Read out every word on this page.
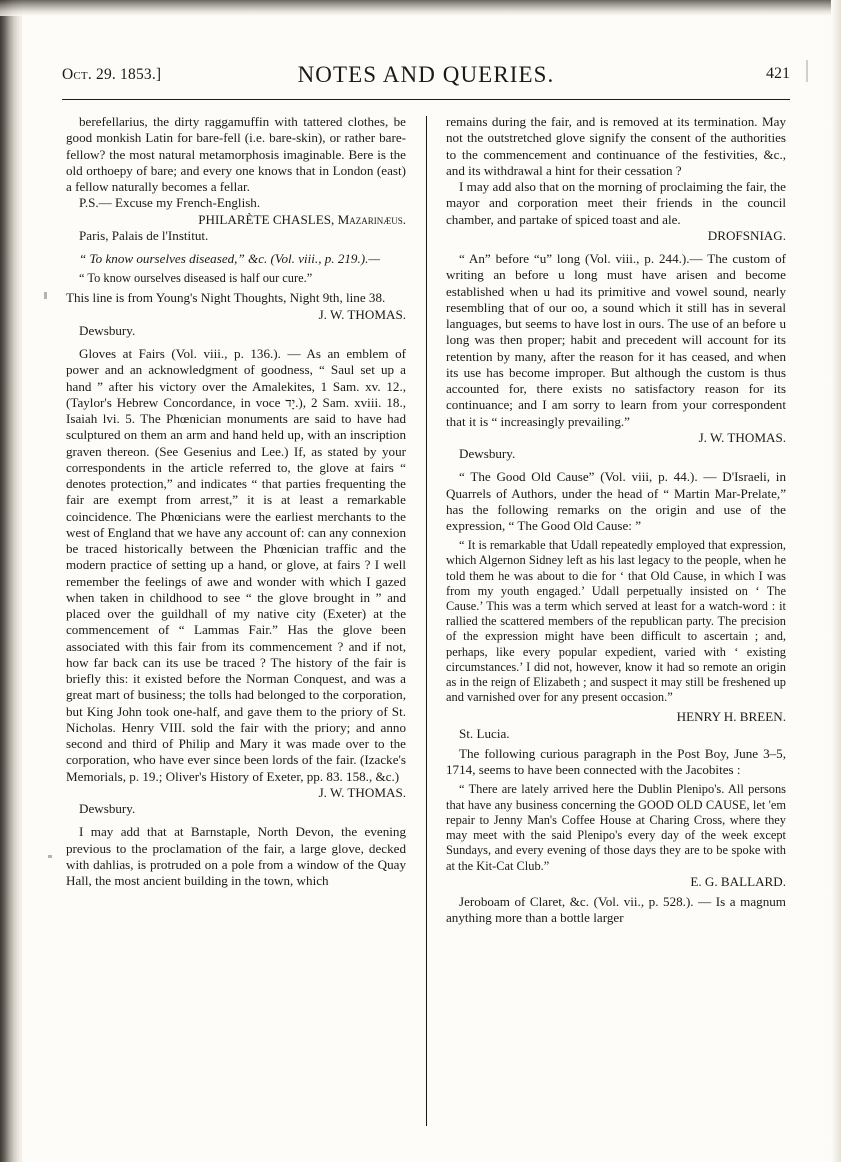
Oct. 29. 1853.]	NOTES AND QUERIES.	421

berefellarius, the dirty raggamuffin with tattered clothes, be good monkish Latin for bare-fell (i.e. bare-skin), or rather bare-fellow? the most natural metamorphosis imaginable. Bere is the old orthoepy of bare; and every one knows that in London (east) a fellow naturally becomes a fellar.

P.S.— Excuse my French-English.

PHILARÈTE CHASLES, Mazarinæus.

Paris, Palais de l'Institut.

“ To know ourselves diseased,” &c. (Vol. viii., p. 219.).—

“ To know ourselves diseased is half our cure.”

This line is from Young's Night Thoughts, Night 9th, line 38.

J. W. THOMAS.

Dewsbury.

Gloves at Fairs (Vol. viii., p. 136.). — As an emblem of power and an acknowledgment of goodness, “ Saul set up a hand ” after his victory over the Amalekites, 1 Sam. xv. 12., (Taylor's Hebrew Concordance, in voce יָד.), 2 Sam. xviii. 18., Isaiah lvi. 5. The Phœnician monuments are said to have had sculptured on them an arm and hand held up, with an inscription graven thereon. (See Gesenius and Lee.) If, as stated by your correspondents in the article referred to, the glove at fairs “ denotes protection,” and indicates “ that parties frequenting the fair are exempt from arrest,” it is at least a remarkable coincidence. The Phœnicians were the earliest merchants to the west of England that we have any account of: can any connexion be traced historically between the Phœnician traffic and the modern practice of setting up a hand, or glove, at fairs ? I well remember the feelings of awe and wonder with which I gazed when taken in childhood to see “ the glove brought in ” and placed over the guildhall of my native city (Exeter) at the commencement of “ Lammas Fair.” Has the glove been associated with this fair from its commencement ? and if not, how far back can its use be traced ? The history of the fair is briefly this: it existed before the Norman Conquest, and was a great mart of business; the tolls had belonged to the corporation, but King John took one-half, and gave them to the priory of St. Nicholas. Henry VIII. sold the fair with the priory; and anno second and third of Philip and Mary it was made over to the corporation, who have ever since been lords of the fair. (Izacke's Memorials, p. 19.; Oliver's History of Exeter, pp. 83. 158., &c.)

J. W. THOMAS.

Dewsbury.

I may add that at Barnstaple, North Devon, the evening previous to the proclamation of the fair, a large glove, decked with dahlias, is protruded on a pole from a window of the Quay Hall, the most ancient building in the town, which

remains during the fair, and is removed at its termination. May not the outstretched glove signify the consent of the authorities to the commencement and continuance of the festivities, &c., and its withdrawal a hint for their cessation ?

I may add also that on the morning of proclaiming the fair, the mayor and corporation meet their friends in the council chamber, and partake of spiced toast and ale.

DROFSNIAG.

“ An” before “u” long (Vol. viii., p. 244.).— The custom of writing an before u long must have arisen and become established when u had its primitive and vowel sound, nearly resembling that of our oo, a sound which it still has in several languages, but seems to have lost in ours. The use of an before u long was then proper; habit and precedent will account for its retention by many, after the reason for it has ceased, and when its use has become improper. But although the custom is thus accounted for, there exists no satisfactory reason for its continuance; and I am sorry to learn from your correspondent that it is “ increasingly prevailing.”

J. W. THOMAS.

Dewsbury.

“ The Good Old Cause” (Vol. viii, p. 44.). — D'Israeli, in Quarrels of Authors, under the head of “ Martin Mar-Prelate,” has the following remarks on the origin and use of the expression, “ The Good Old Cause: ”

“ It is remarkable that Udall repeatedly employed that expression, which Algernon Sidney left as his last legacy to the people, when he told them he was about to die for ‘ that Old Cause, in which I was from my youth engaged.’ Udall perpetually insisted on ‘ The Cause.’ This was a term which served at least for a watch-word : it rallied the scattered members of the republican party. The precision of the expression might have been difficult to ascertain ; and, perhaps, like every popular expedient, varied with ‘ existing circumstances.’ I did not, however, know it had so remote an origin as in the reign of Elizabeth ; and suspect it may still be freshened up and varnished over for any present occasion.”

HENRY H. BREEN.

St. Lucia.

The following curious paragraph in the Post Boy, June 3–5, 1714, seems to have been connected with the Jacobites :

“ There are lately arrived here the Dublin Plenipo's. All persons that have any business concerning the GOOD OLD CAUSE, let 'em repair to Jenny Man's Coffee House at Charing Cross, where they may meet with the said Plenipo's every day of the week except Sundays, and every evening of those days they are to be spoke with at the Kit-Cat Club.”

E. G. BALLARD.

Jeroboam of Claret, &c. (Vol. vii., p. 528.). — Is a magnum anything more than a bottle larger
